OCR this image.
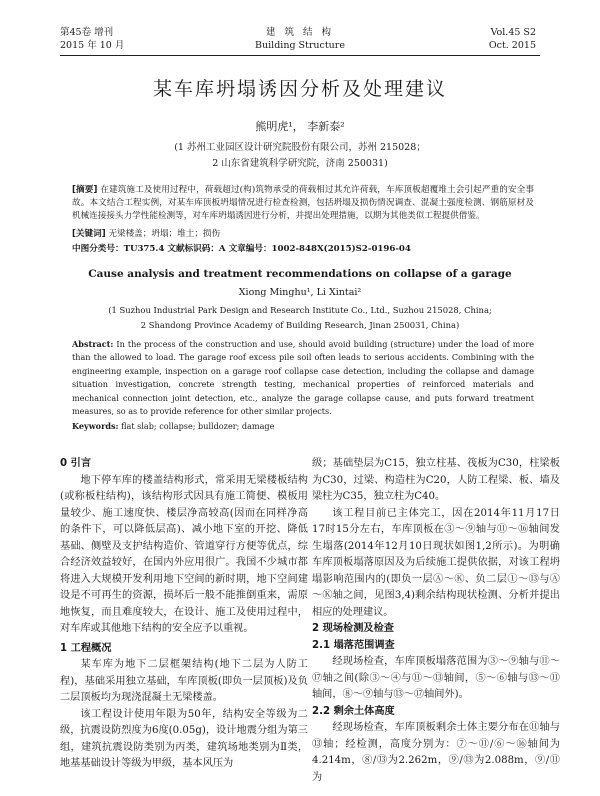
第45卷 增刊
2015 年 10 月
建 筑 结 构
Building Structure
Vol.45 S2
Oct. 2015
某车库坍塌诱因分析及处理建议
熊明虎¹， 李新泰²
(1 苏州工业园区设计研究院股份有限公司，苏州 215028；
2 山东省建筑科学研究院，济南 250031)
[摘要] 在建筑施工及使用过程中，荷载超过(构)筑物承受的荷载相过其允许荷载，车库顶板超覆堆土会引起严重的安全事故。本文结合工程实例，对某车库顶板坍塌情况进行检查检测，包括坍塌及损伤情况调查、混凝土强度检测、钢筋原材及机械连接接头力学性能检测等，对车库坍塌诱因进行分析，并提出处理措施，以期为其他类似工程提供借鉴。
[关键词] 无梁楼盖；坍塌；堆土；损伤
中图分类号：TU375.4 文献标识码：A 文章编号：1002-848X(2015)S2-0196-04
Cause analysis and treatment recommendations on collapse of a garage
Xiong Minghu¹, Li Xintai²
(1 Suzhou Industrial Park Design and Research Institute Co., Ltd., Suzhou 215028, China;
2 Shandong Province Academy of Building Research, Jinan 250031, China)
Abstract: In the process of the construction and use, should avoid building (structure) under the load of more than the allowed to load. The garage roof excess pile soil often leads to serious accidents. Combining with the engineering example, inspection on a garage roof collapse case detection, including the collapse and damage situation investigation, concrete strength testing, mechanical properties of reinforced materials and mechanical connection joint detection, etc., analyze the garage collapse cause, and puts forward treatment measures, so as to provide reference for other similar projects.
Keywords: flat slab; collapse; bulldozer; damage
0 引言

地下停车库的楼盖结构形式，常采用无梁楼板结构(或称板柱结构)，该结构形式因具有施工简便、模板用量较少、施工速度快、楼层净高较高(因而在同样净高的条件下，可以降低层高)、减小地下室的开挖、降低基础、侧壁及支护结构造价、管道穿行方便等优点，综合经济效益较好，在国内外应用很广。我国不少城市都将进入大规模开发利用地下空间的新时期，地下空间建设是不可再生的资源，损坏后一般不能推倒重来，需原地恢复，而且难度较大，在设计、施工及使用过程中，对车库或其他地下结构的安全应予以重视。

1 工程概况

某车库为地下二层框架结构(地下二层为人防工程)，基础采用独立基础，车库顶板(即负一层顶板)及负二层顶板均为现浇混凝土无梁楼盖。

该工程设计使用年限为50年，结构安全等级为二级，抗震设防烈度为6度(0.05g)，设计地震分组为第三组，建筑抗震设防类别为丙类，建筑场地类别为Ⅱ类，地基基础设计等级为甲级，基本风压为

级；基础垫层为C15，独立柱基、筏板为C30，柱梁板为C30，过梁、构造柱为C20，人防工程梁、板、墙及梁柱为C35，独立柱为C40。

该工程目前已主体完工，因在2014年11月17日17时15分左右，车库顶板在③～⑨轴与⑪～⑯轴间发生塌落(2014年12月10日现状如图1,2所示)。为明确车库顶板塌落原因及为后续施工提供依据，对该工程坍塌影响范围内的(即负一层Ⓐ～Ⓚ、负二层①～⑬与Ⓐ～Ⓚ轴之间，见图3,4)剩余结构现状检测、分析并提出相应的处理建议。

2 现场检测及检查
2.1 塌落范围调查

经现场检查，车库顶板塌落范围为③～⑨轴与⑪～⑰轴之间(除③～④与⑪～⑬轴间，⑤～⑥轴与⑬～⑪轴间，⑧～⑨轴与⑬～⑰轴间外)。

2.2 剩余土体高度

经现场检查，车库顶板剩余土体主要分布在⑪轴与⑬轴；经检测，高度分别为：⑦～⑪/⑥～⑯轴间为4.214m，⑧/⑬为2.262m，⑨/⑬为2.088m，⑨/⑪为
